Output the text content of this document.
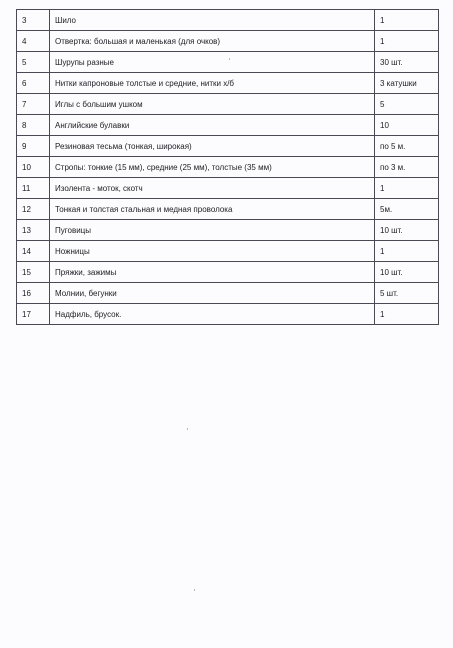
3	Шило	1
4	Отвертка: большая и маленькая (для очков)	1
5	Шурупы разные	30 шт.
6	Нитки капроновые толстые и средние, нитки х/б	3 катушки
7	Иглы с большим ушком	5
8	Английские булавки	10
9	Резиновая тесьма (тонкая, широкая)	по 5 м.
10	Стропы: тонкие (15 мм), средние (25 мм), толстые (35 мм)	по 3 м.
11	Изолента - моток, скотч	1
12	Тонкая и толстая стальная и медная проволока	5м.
13	Пуговицы	10 шт.
14	Ножницы	1
15	Пряжки, зажимы	10 шт.
16	Молнии, бегунки	5 шт.
17	Надфиль, брусок.	1
